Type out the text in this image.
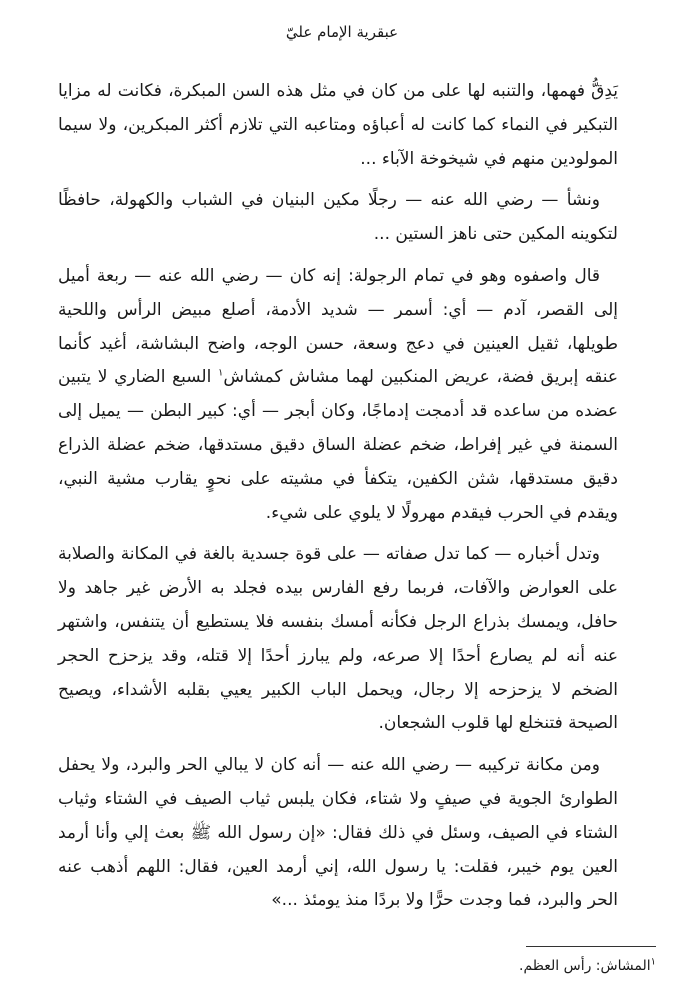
عبقرية الإمام عليّ

يَدِقُّ فهمها، والتنبه لها على من كان في مثل هذه السن المبكرة، فكانت له مزايا التبكير في النماء كما كانت له أعباؤه ومتاعبه التي تلازم أكثر المبكرين، ولا سيما المولودين منهم في شيخوخة الآباء ...

ونشأ — رضي الله عنه — رجلًا مكين البنيان في الشباب والكهولة، حافظًا لتكوينه المكين حتى ناهز الستين ...

قال واصفوه وهو في تمام الرجولة: إنه كان — رضي الله عنه — ربعة أميل إلى القصر، آدم — أي: أسمر — شديد الأدمة، أصلع مبيض الرأس واللحية طويلها، ثقيل العينين في دعج وسعة، حسن الوجه، واضح البشاشة، أغيد كأنما عنقه إبريق فضة، عريض المنكبين لهما مشاش كمشاش$^١$ السبع الضاري لا يتبين عضده من ساعده قد أدمجت إدماجًا، وكان أبجر — أي: كبير البطن — يميل إلى السمنة في غير إفراط، ضخم عضلة الساق دقيق مستدقها، ضخم عضلة الذراع دقيق مستدقها، شثن الكفين، يتكفأ في مشيته على نحوٍ يقارب مشية النبي، ويقدم في الحرب فيقدم مهرولًا لا يلوي على شيء.

وتدل أخباره — كما تدل صفاته — على قوة جسدية بالغة في المكانة والصلابة على العوارض والآفات، فربما رفع الفارس بيده فجلد به الأرض غير جاهد ولا حافل، ويمسك بذراع الرجل فكأنه أمسك بنفسه فلا يستطيع أن يتنفس، واشتهر عنه أنه لم يصارع أحدًا إلا صرعه، ولم يبارز أحدًا إلا قتله، وقد يزحزح الحجر الضخم لا يزحزحه إلا رجال، ويحمل الباب الكبير يعيي بقلبه الأشداء، ويصيح الصيحة فتنخلع لها قلوب الشجعان.

ومن مكانة تركيبه — رضي الله عنه — أنه كان لا يبالي الحر والبرد، ولا يحفل الطوارئ الجوية في صيفٍ ولا شتاء، فكان يلبس ثياب الصيف في الشتاء وثياب الشتاء في الصيف، وسئل في ذلك فقال: «إن رسول الله ﷺ بعث إلي وأنا أرمد العين يوم خيبر، فقلت: يا رسول الله، إني أرمد العين، فقال: اللهم أذهب عنه الحر والبرد، فما وجدت حرًّا ولا بردًا منذ يومئذ ...»

$^١$المشاش: رأس العظم.
